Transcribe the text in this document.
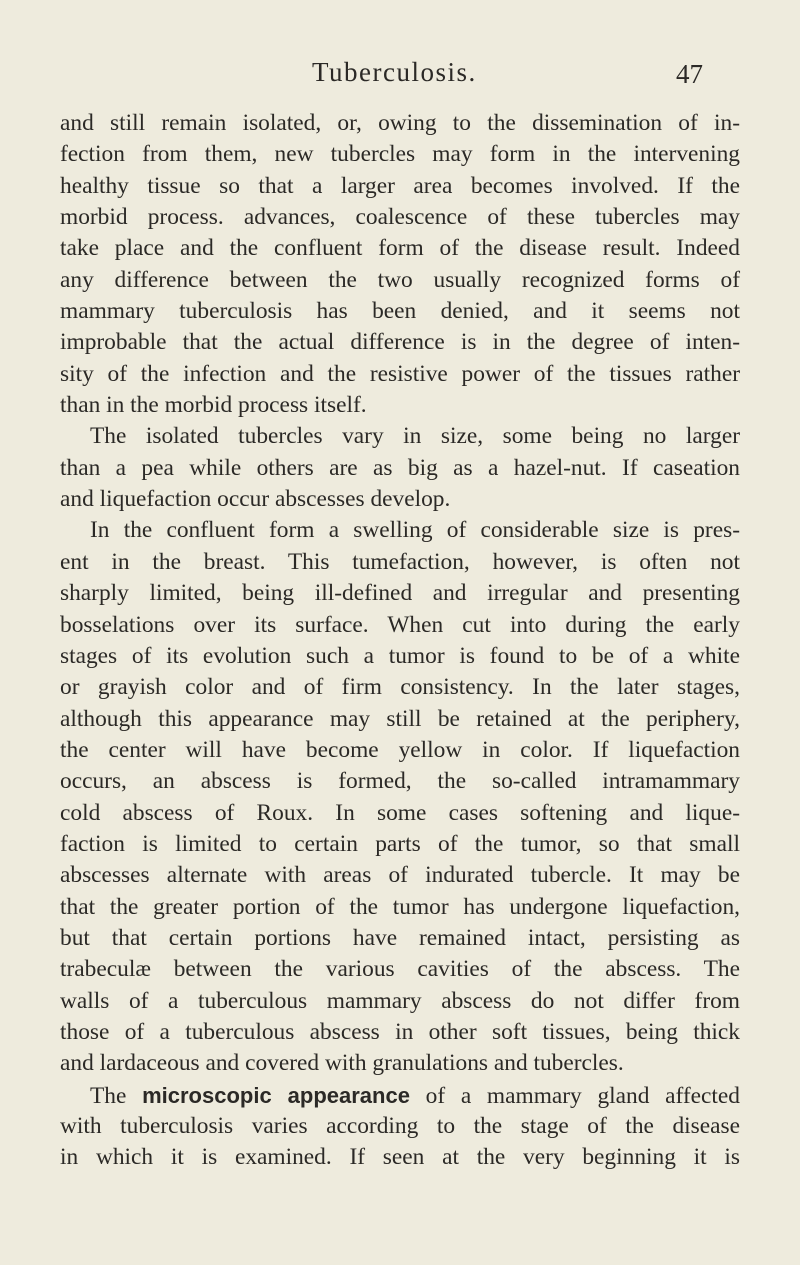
Tuberculosis.	47
and still remain isolated, or, owing to the dissemination of in-
fection from them, new tubercles may form in the intervening
healthy tissue so that a larger area becomes involved. If the
morbid process. advances, coalescence of these tubercles may
take place and the confluent form of the disease result. Indeed
any difference between the two usually recognized forms of
mammary tuberculosis has been denied, and it seems not
improbable that the actual difference is in the degree of inten-
sity of the infection and the resistive power of the tissues rather
than in the morbid process itself.
The isolated tubercles vary in size, some being no larger
than a pea while others are as big as a hazel-nut. If caseation
and liquefaction occur abscesses develop.
In the confluent form a swelling of considerable size is pres-
ent in the breast. This tumefaction, however, is often not
sharply limited, being ill-defined and irregular and presenting
bosselations over its surface. When cut into during the early
stages of its evolution such a tumor is found to be of a white
or grayish color and of firm consistency. In the later stages,
although this appearance may still be retained at the periphery,
the center will have become yellow in color. If liquefaction
occurs, an abscess is formed, the so-called intramammary
cold abscess of Roux. In some cases softening and lique-
faction is limited to certain parts of the tumor, so that small
abscesses alternate with areas of indurated tubercle. It may be
that the greater portion of the tumor has undergone liquefaction,
but that certain portions have remained intact, persisting as
trabeculæ between the various cavities of the abscess. The
walls of a tuberculous mammary abscess do not differ from
those of a tuberculous abscess in other soft tissues, being thick
and lardaceous and covered with granulations and tubercles.
The microscopic appearance of a mammary gland affected
with tuberculosis varies according to the stage of the disease
in which it is examined. If seen at the very beginning it is
